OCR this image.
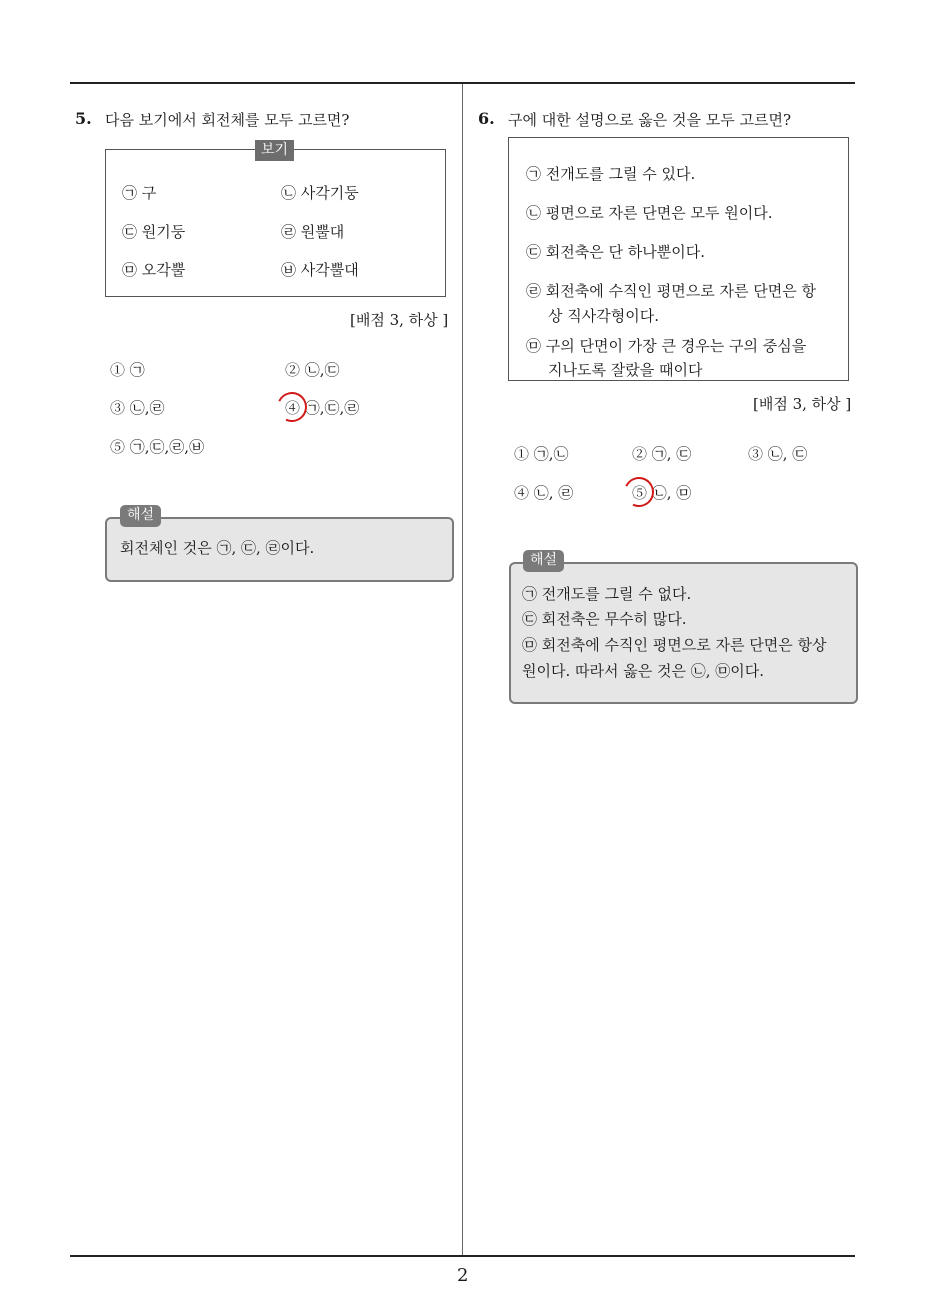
5. 다음 보기에서 회전체를 모두 고르면?
보기
㉠ 구	㉡ 사각기둥
㉢ 원기둥	㉣ 원뿔대
㉤ 오각뿔	㉥ 사각뿔대
[배점 3, 하상 ]
① ㉠	② ㉡,㉢
③ ㉡,㉣	④ ㉠,㉢,㉣
⑤ ㉠,㉢,㉣,㉥
해설
회전체인 것은 ㉠, ㉢, ㉣이다.
6. 구에 대한 설명으로 옳은 것을 모두 고르면?
㉠ 전개도를 그릴 수 있다.
㉡ 평면으로 자른 단면은 모두 원이다.
㉢ 회전축은 단 하나뿐이다.
㉣ 회전축에 수직인 평면으로 자른 단면은 항
상 직사각형이다.
㉤ 구의 단면이 가장 큰 경우는 구의 중심을
지나도록 잘랐을 때이다
[배점 3, 하상 ]
① ㉠,㉡	② ㉠, ㉢	③ ㉡, ㉢
④ ㉡, ㉣	⑤ ㉡, ㉤
해설
㉠ 전개도를 그릴 수 없다.
㉢ 회전축은 무수히 많다.
㉤ 회전축에 수직인 평면으로 자른 단면은 항상
원이다. 따라서 옳은 것은 ㉡, ㉤이다.
2
